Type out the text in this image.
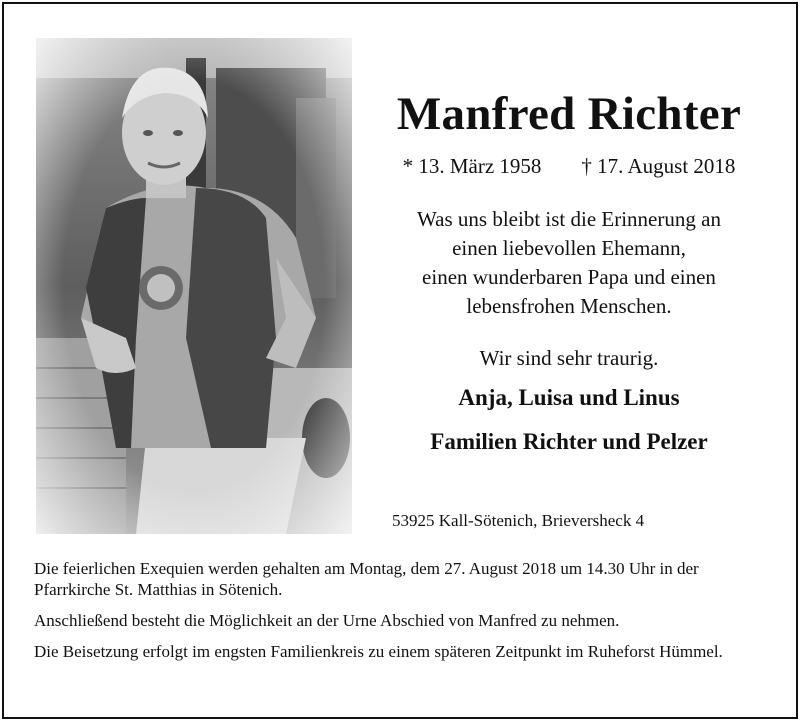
Manfred Richter
* 13. März 1958 † 17. August 2018
Was uns bleibt ist die Erinnerung an
einen liebevollen Ehemann,
einen wunderbaren Papa und einen
lebensfrohen Menschen.
Wir sind sehr traurig.
Anja, Luisa und Linus
Familien Richter und Pelzer
53925 Kall-Sötenich, Brieversheck 4

Die feierlichen Exequien werden gehalten am Montag, dem 27. August 2018 um 14.30 Uhr in der Pfarrkirche St. Matthias in Sötenich.

Anschließend besteht die Möglichkeit an der Urne Abschied von Manfred zu nehmen.

Die Beisetzung erfolgt im engsten Familienkreis zu einem späteren Zeitpunkt im Ruheforst Hümmel.
